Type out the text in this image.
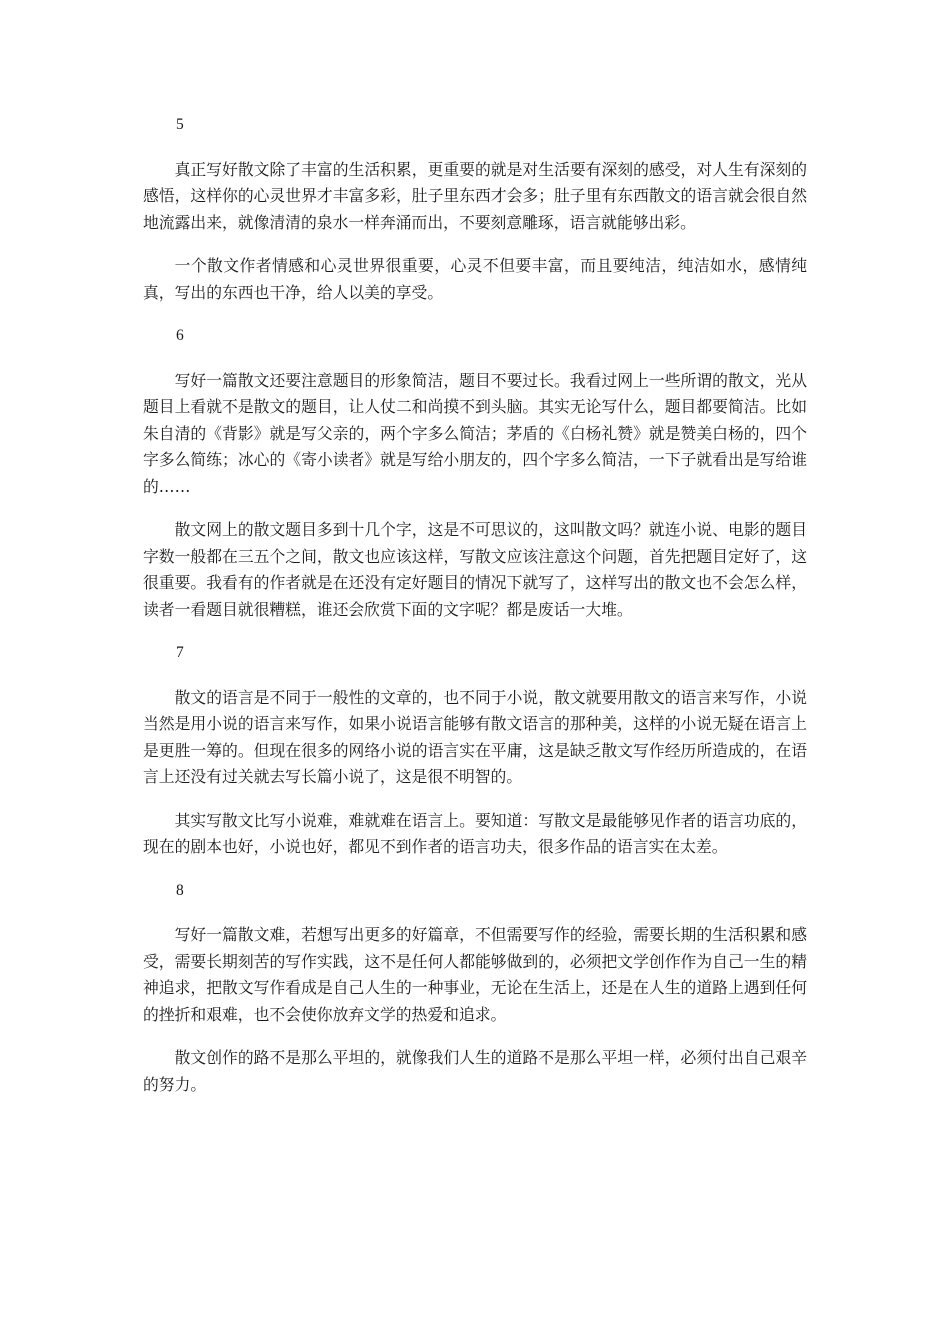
5

真正写好散文除了丰富的生活积累，更重要的就是对生活要有深刻的感受，对人生有深刻的感悟，这样你的心灵世界才丰富多彩，肚子里东西才会多；肚子里有东西散文的语言就会很自然地流露出来，就像清清的泉水一样奔涌而出，不要刻意雕琢，语言就能够出彩。

一个散文作者情感和心灵世界很重要，心灵不但要丰富，而且要纯洁，纯洁如水，感情纯真，写出的东西也干净，给人以美的享受。

6

写好一篇散文还要注意题目的形象简洁，题目不要过长。我看过网上一些所谓的散文，光从题目上看就不是散文的题目，让人仗二和尚摸不到头脑。其实无论写什么，题目都要简洁。比如朱自清的《背影》就是写父亲的，两个字多么简洁；茅盾的《白杨礼赞》就是赞美白杨的，四个字多么简练；冰心的《寄小读者》就是写给小朋友的，四个字多么简洁，一下子就看出是写给谁的……

散文网上的散文题目多到十几个字，这是不可思议的，这叫散文吗？就连小说、电影的题目字数一般都在三五个之间，散文也应该这样，写散文应该注意这个问题，首先把题目定好了，这很重要。我看有的作者就是在还没有定好题目的情况下就写了，这样写出的散文也不会怎么样，读者一看题目就很糟糕，谁还会欣赏下面的文字呢？都是废话一大堆。

7

散文的语言是不同于一般性的文章的，也不同于小说，散文就要用散文的语言来写作，小说当然是用小说的语言来写作，如果小说语言能够有散文语言的那种美，这样的小说无疑在语言上是更胜一筹的。但现在很多的网络小说的语言实在平庸，这是缺乏散文写作经历所造成的，在语言上还没有过关就去写长篇小说了，这是很不明智的。

其实写散文比写小说难，难就难在语言上。要知道：写散文是最能够见作者的语言功底的，现在的剧本也好，小说也好，都见不到作者的语言功夫，很多作品的语言实在太差。

8

写好一篇散文难，若想写出更多的好篇章，不但需要写作的经验，需要长期的生活积累和感受，需要长期刻苦的写作实践，这不是任何人都能够做到的，必须把文学创作作为自己一生的精神追求，把散文写作看成是自己人生的一种事业，无论在生活上，还是在人生的道路上遇到任何的挫折和艰难，也不会使你放弃文学的热爱和追求。

散文创作的路不是那么平坦的，就像我们人生的道路不是那么平坦一样，必须付出自己艰辛的努力。
